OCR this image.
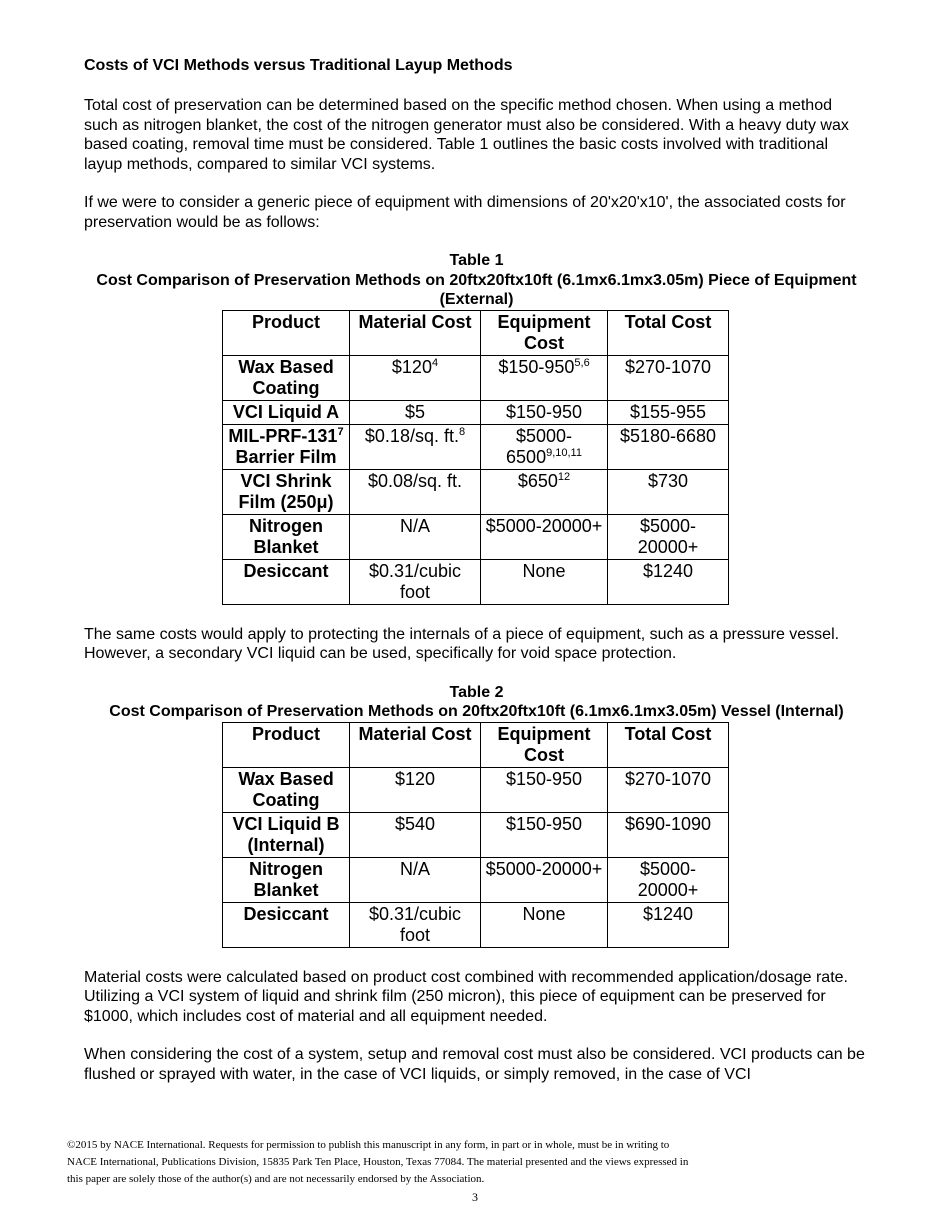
Costs of VCI Methods versus Traditional Layup Methods

Total cost of preservation can be determined based on the specific method chosen. When using a method such as nitrogen blanket, the cost of the nitrogen generator must also be considered. With a heavy duty wax based coating, removal time must be considered. Table 1 outlines the basic costs involved with traditional layup methods, compared to similar VCI systems.

If we were to consider a generic piece of equipment with dimensions of 20'x20'x10', the associated costs for preservation would be as follows:

Table 1

Cost Comparison of Preservation Methods on 20ftx20ftx10ft (6.1mx6.1mx3.05m) Piece of Equipment (External)

Product	Material Cost	Equipment Cost	Total Cost
Wax Based Coating	$\$120^4$	$150-950$^{5,6}$	$270-1070
VCI Liquid A	$5	$150-950	$155-955
MIL-$PRF-131^7$ Barrier Film	$0.18/sq. ft.$^8$	$5000-6500$^{9,10,11}$	$5180-6680
VCI Shrink Film (250μ)	$0.08/sq. ft.	$\$650^{12}$	$730
Nitrogen Blanket	N/A	$5000-20000+	$5000-20000+
Desiccant	$0.31/cubic foot	None	$1240

The same costs would apply to protecting the internals of a piece of equipment, such as a pressure vessel. However, a secondary VCI liquid can be used, specifically for void space protection.

Table 2

Cost Comparison of Preservation Methods on 20ftx20ftx10ft (6.1mx6.1mx3.05m) Vessel (Internal)

Product	Material Cost	Equipment Cost	Total Cost
Wax Based Coating	$120	$150-950	$270-1070
VCI Liquid B (Internal)	$540	$150-950	$690-1090
Nitrogen Blanket	N/A	$5000-20000+	$5000-20000+
Desiccant	$0.31/cubic foot	None	$1240

Material costs were calculated based on product cost combined with recommended application/dosage rate. Utilizing a VCI system of liquid and shrink film (250 micron), this piece of equipment can be preserved for $1000, which includes cost of material and all equipment needed.

When considering the cost of a system, setup and removal cost must also be considered. VCI products can be flushed or sprayed with water, in the case of VCI liquids, or simply removed, in the case of VCI

©2015 by NACE International. Requests for permission to publish this manuscript in any form, in part or in whole, must be in writing to
NACE International, Publications Division, 15835 Park Ten Place, Houston, Texas 77084. The material presented and the views expressed in
this paper are solely those of the author(s) and are not necessarily endorsed by the Association.
3
